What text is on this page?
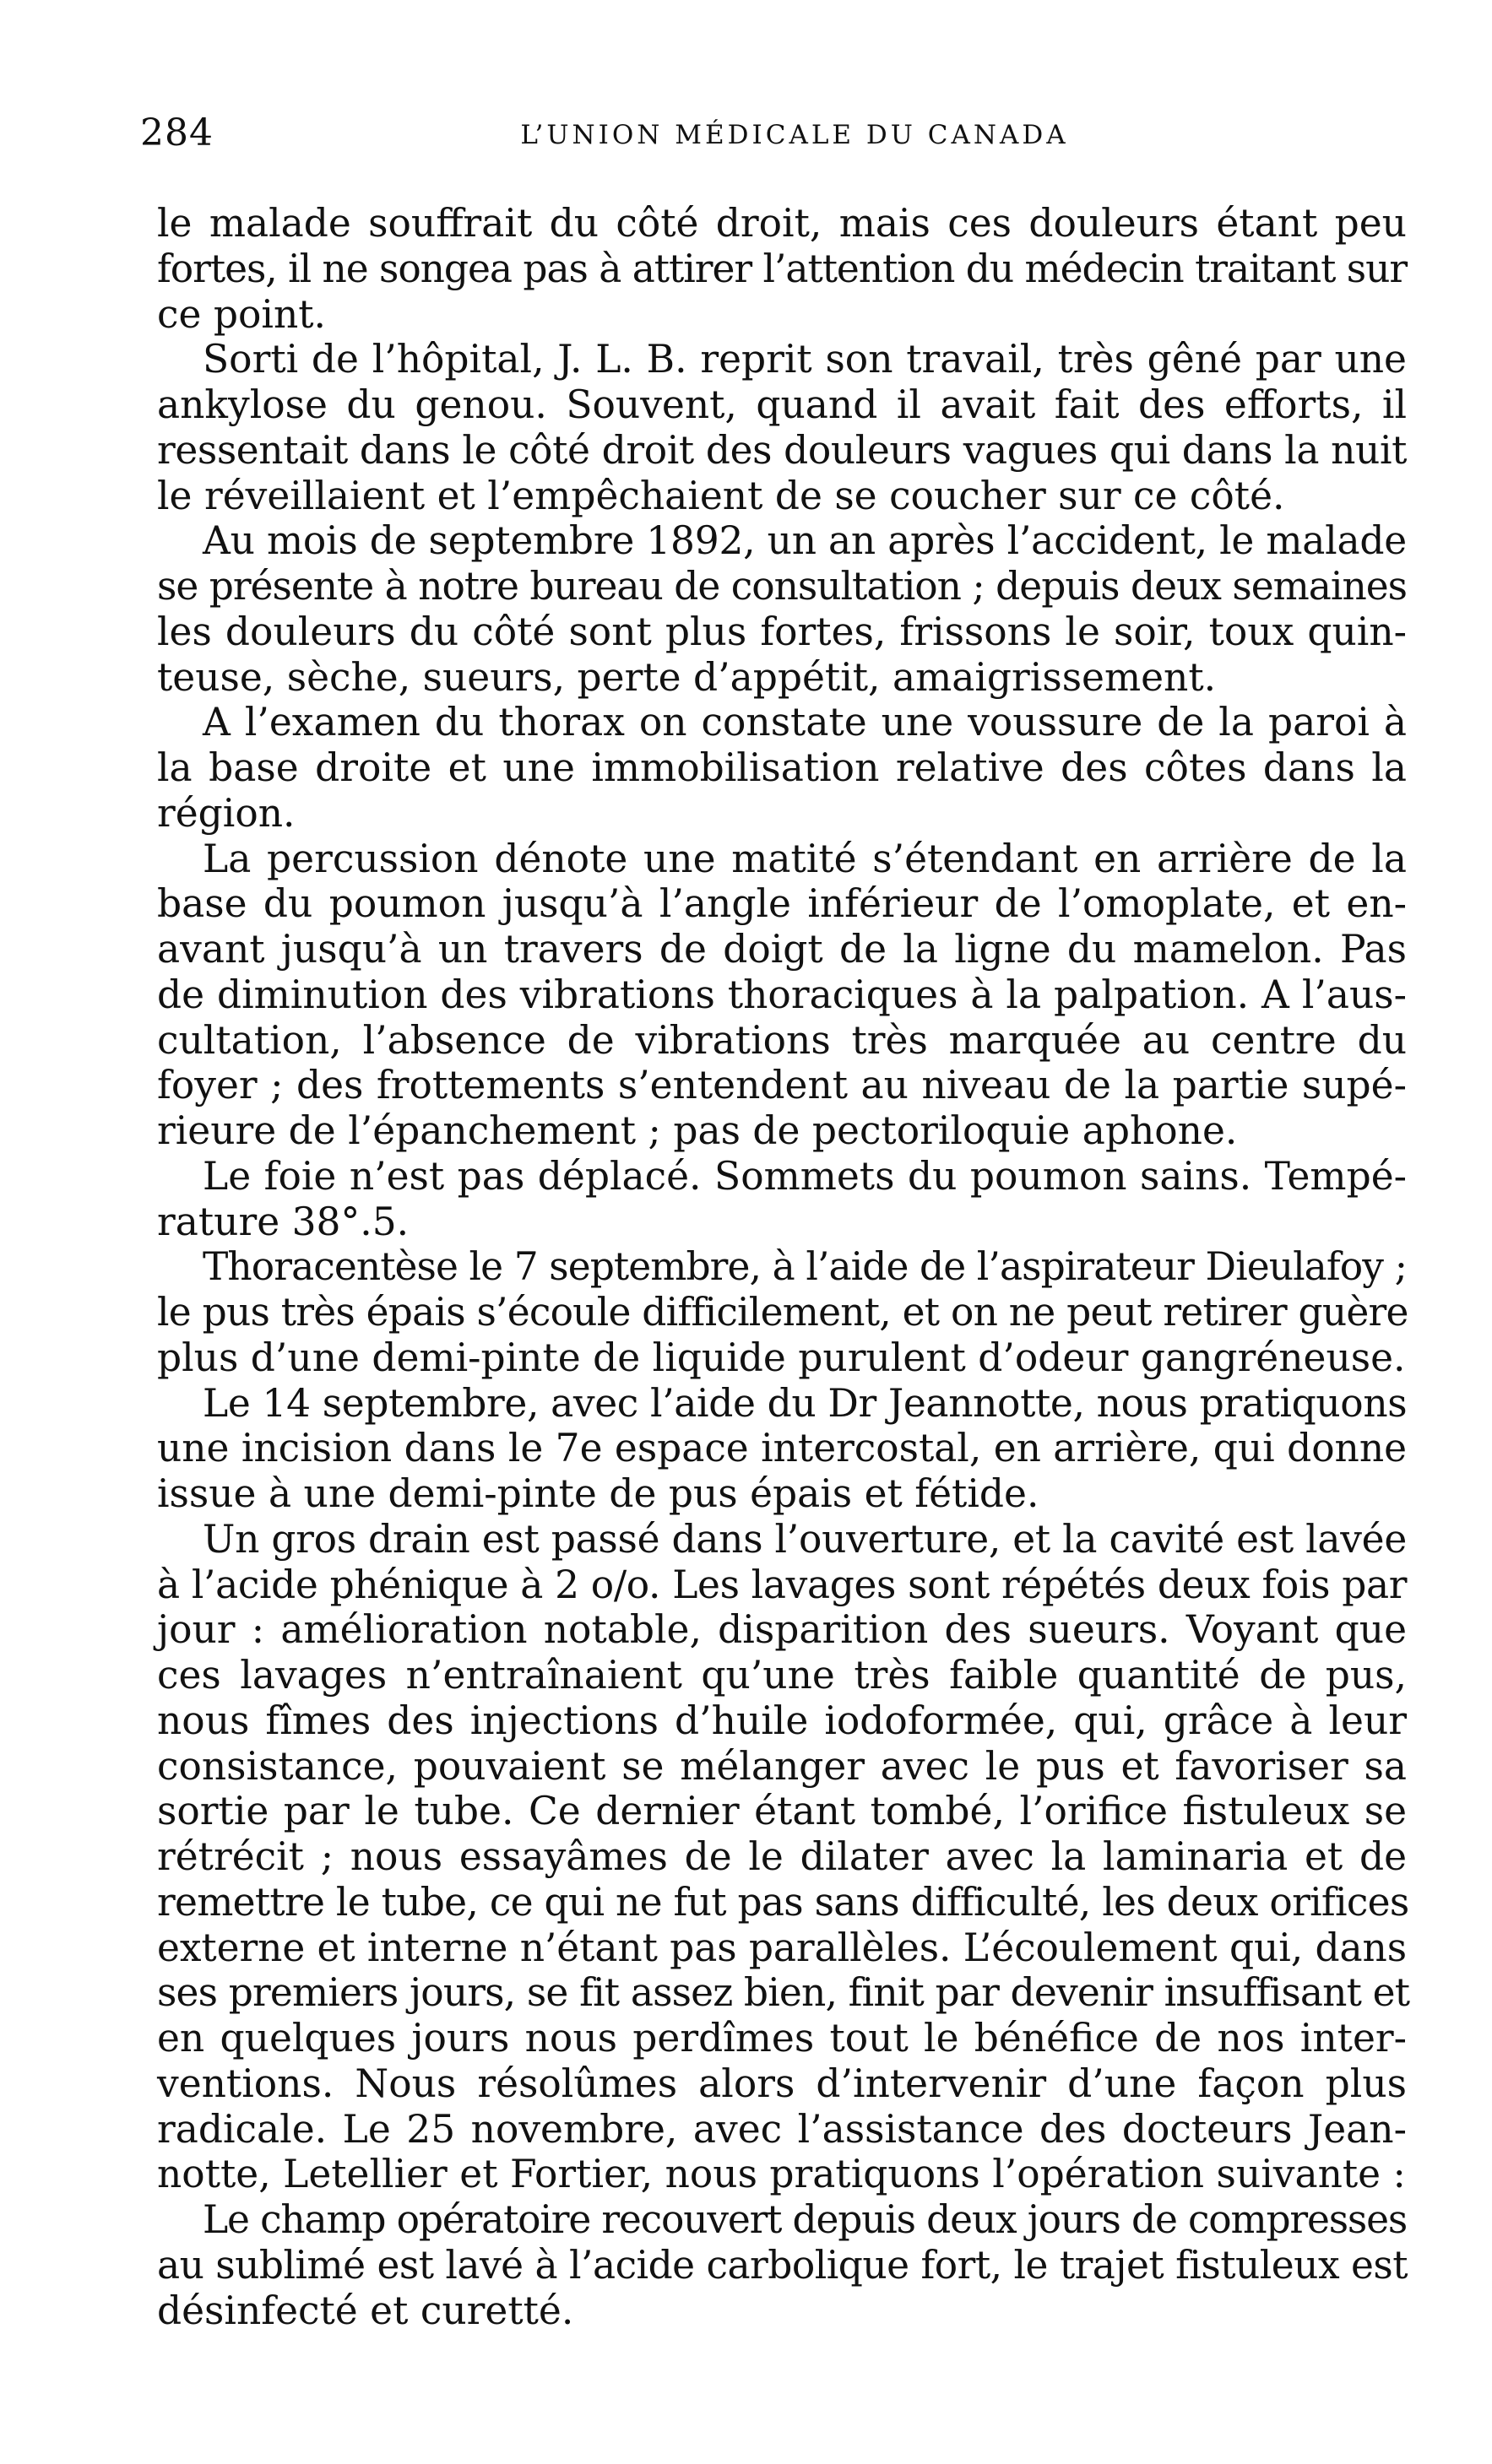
284	L’UNION MÉDICALE DU CANADA
le malade souffrait du côté droit, mais ces douleurs étant peu
fortes, il ne songea pas à attirer l’attention du médecin traitant sur
ce point.
Sorti de l’hôpital, J. L. B. reprit son travail, très gêné par une
ankylose du genou. Souvent, quand il avait fait des efforts, il
ressentait dans le côté droit des douleurs vagues qui dans la nuit
le réveillaient et l’empêchaient de se coucher sur ce côté.
Au mois de septembre 1892, un an après l’accident, le malade
se présente à notre bureau de consultation ; depuis deux semaines
les douleurs du côté sont plus fortes, frissons le soir, toux quin-
teuse, sèche, sueurs, perte d’appétit, amaigrissement.
A l’examen du thorax on constate une voussure de la paroi à
la base droite et une immobilisation relative des côtes dans la
région.
La percussion dénote une matité s’étendant en arrière de la
base du poumon jusqu’à l’angle inférieur de l’omoplate, et en-
avant jusqu’à un travers de doigt de la ligne du mamelon. Pas
de diminution des vibrations thoraciques à la palpation. A l’aus-
cultation, l’absence de vibrations très marquée au centre du
foyer ; des frottements s’entendent au niveau de la partie supé-
rieure de l’épanchement ; pas de pectoriloquie aphone.
Le foie n’est pas déplacé. Sommets du poumon sains. Tempé-
rature 38°.5.
Thoracentèse le 7 septembre, à l’aide de l’aspirateur Dieulafoy ;
le pus très épais s’écoule difficilement, et on ne peut retirer guère
plus d’une demi-pinte de liquide purulent d’odeur gangréneuse.
Le 14 septembre, avec l’aide du Dr Jeannotte, nous pratiquons
une incision dans le 7e espace intercostal, en arrière, qui donne
issue à une demi-pinte de pus épais et fétide.
Un gros drain est passé dans l’ouverture, et la cavité est lavée
à l’acide phénique à 2 o/o. Les lavages sont répétés deux fois par
jour : amélioration notable, disparition des sueurs. Voyant que
ces lavages n’entraînaient qu’une très faible quantité de pus,
nous fîmes des injections d’huile iodoformée, qui, grâce à leur
consistance, pouvaient se mélanger avec le pus et favoriser sa
sortie par le tube. Ce dernier étant tombé, l’orifice fistuleux se
rétrécit ; nous essayâmes de le dilater avec la laminaria et de
remettre le tube, ce qui ne fut pas sans difficulté, les deux orifices
externe et interne n’étant pas parallèles. L’écoulement qui, dans
ses premiers jours, se fit assez bien, finit par devenir insuffisant et
en quelques jours nous perdîmes tout le bénéfice de nos inter-
ventions. Nous résolûmes alors d’intervenir d’une façon plus
radicale. Le 25 novembre, avec l’assistance des docteurs Jean-
notte, Letellier et Fortier, nous pratiquons l’opération suivante :
Le champ opératoire recouvert depuis deux jours de compresses
au sublimé est lavé à l’acide carbolique fort, le trajet fistuleux est
désinfecté et curetté.
